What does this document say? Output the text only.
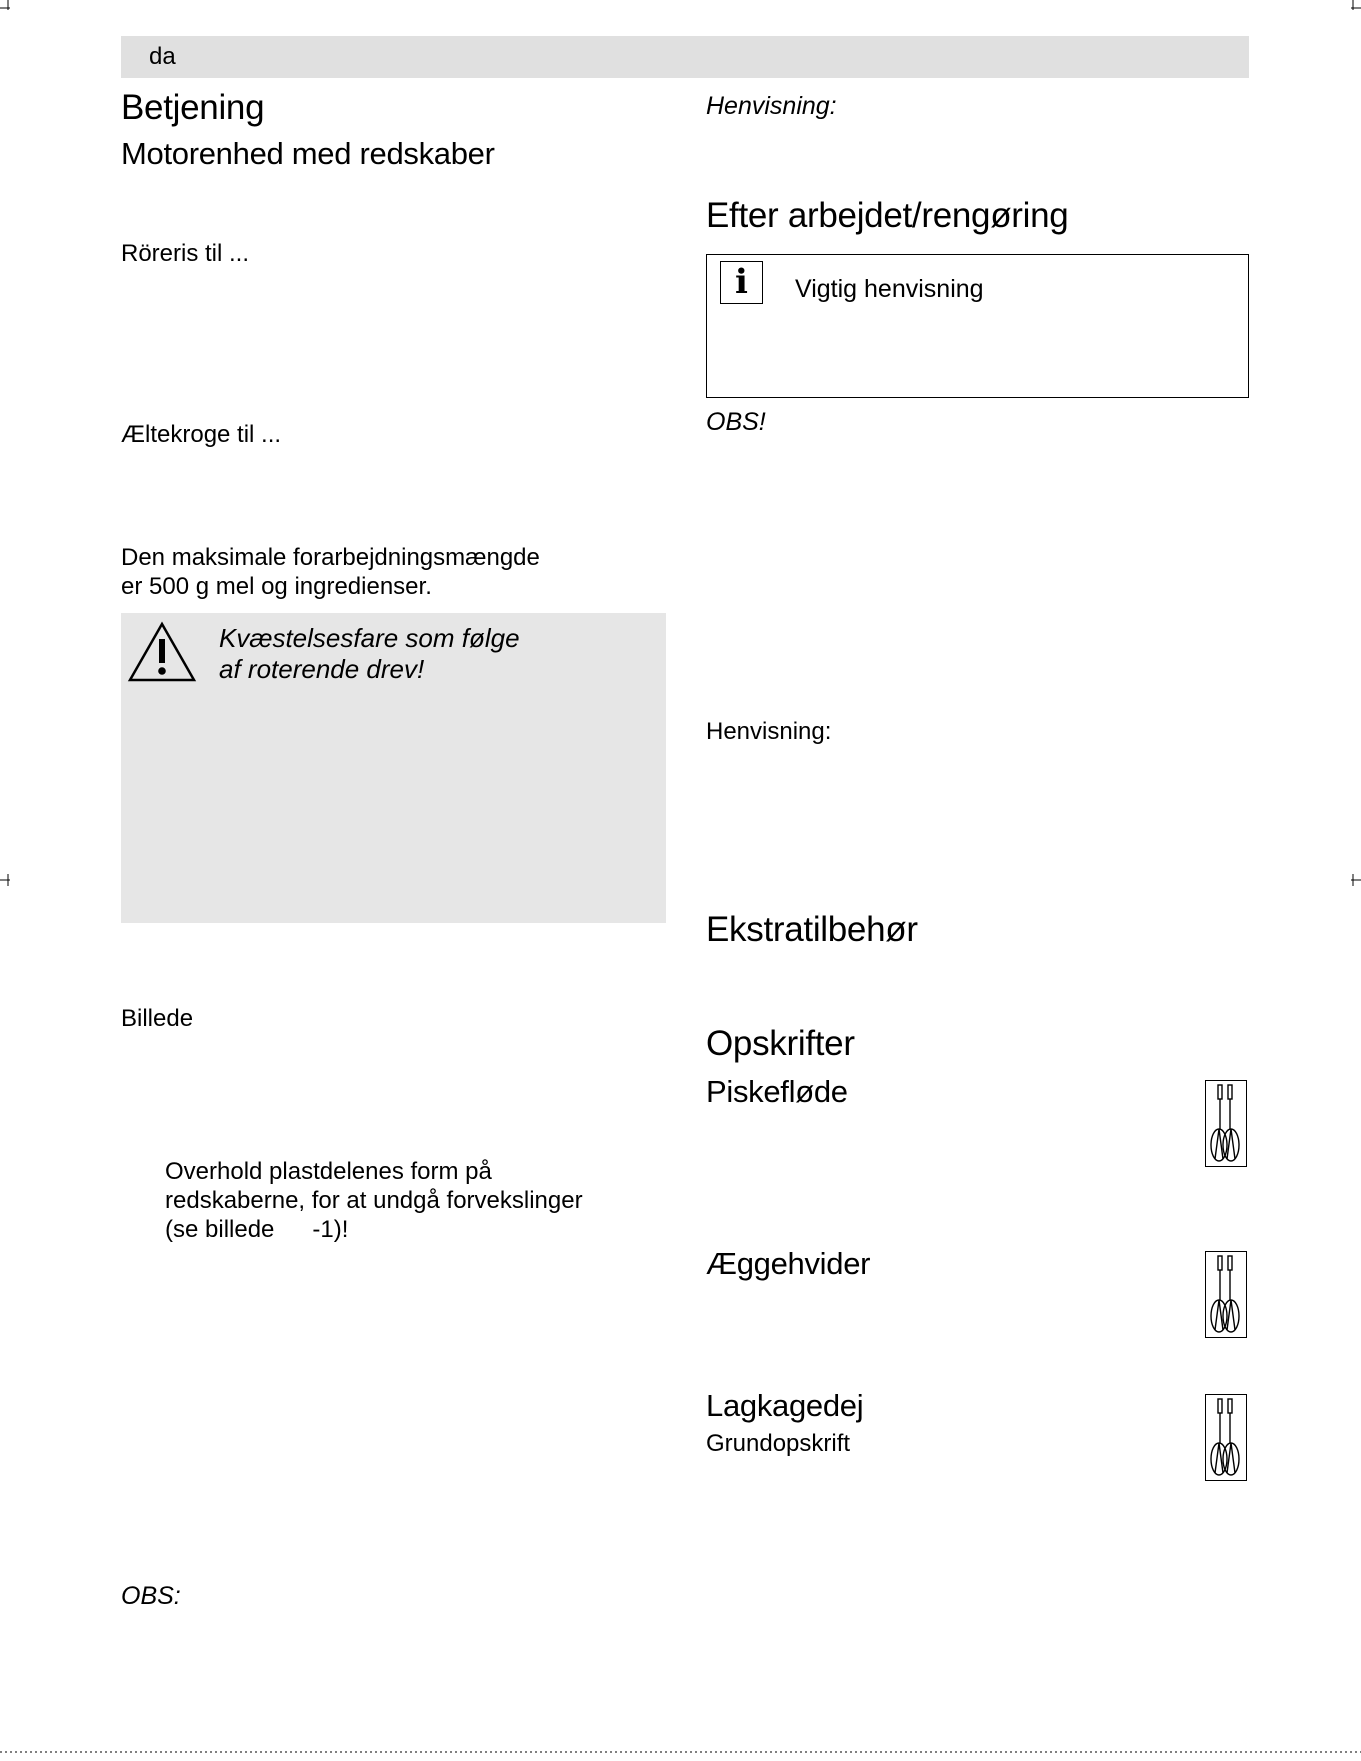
da
Betjening
Motorenhed med redskaber
Röreris til ...
Æltekroge til ...
Den maksimale forarbejdningsmængde
er 500 g mel og ingredienser.
Kvæstelsesfare som følge
af roterende drev!
Billede
Overhold plastdelenes form på
redskaberne, for at undgå forvekslinger
(se billede -1)!
OBS:
Henvisning:
Efter arbejdet/rengøring
i	Vigtig henvisning
OBS!
Henvisning:
Ekstratilbehør
Opskrifter
Piskefløde
Æggehvider
Lagkagedej
Grundopskrift
